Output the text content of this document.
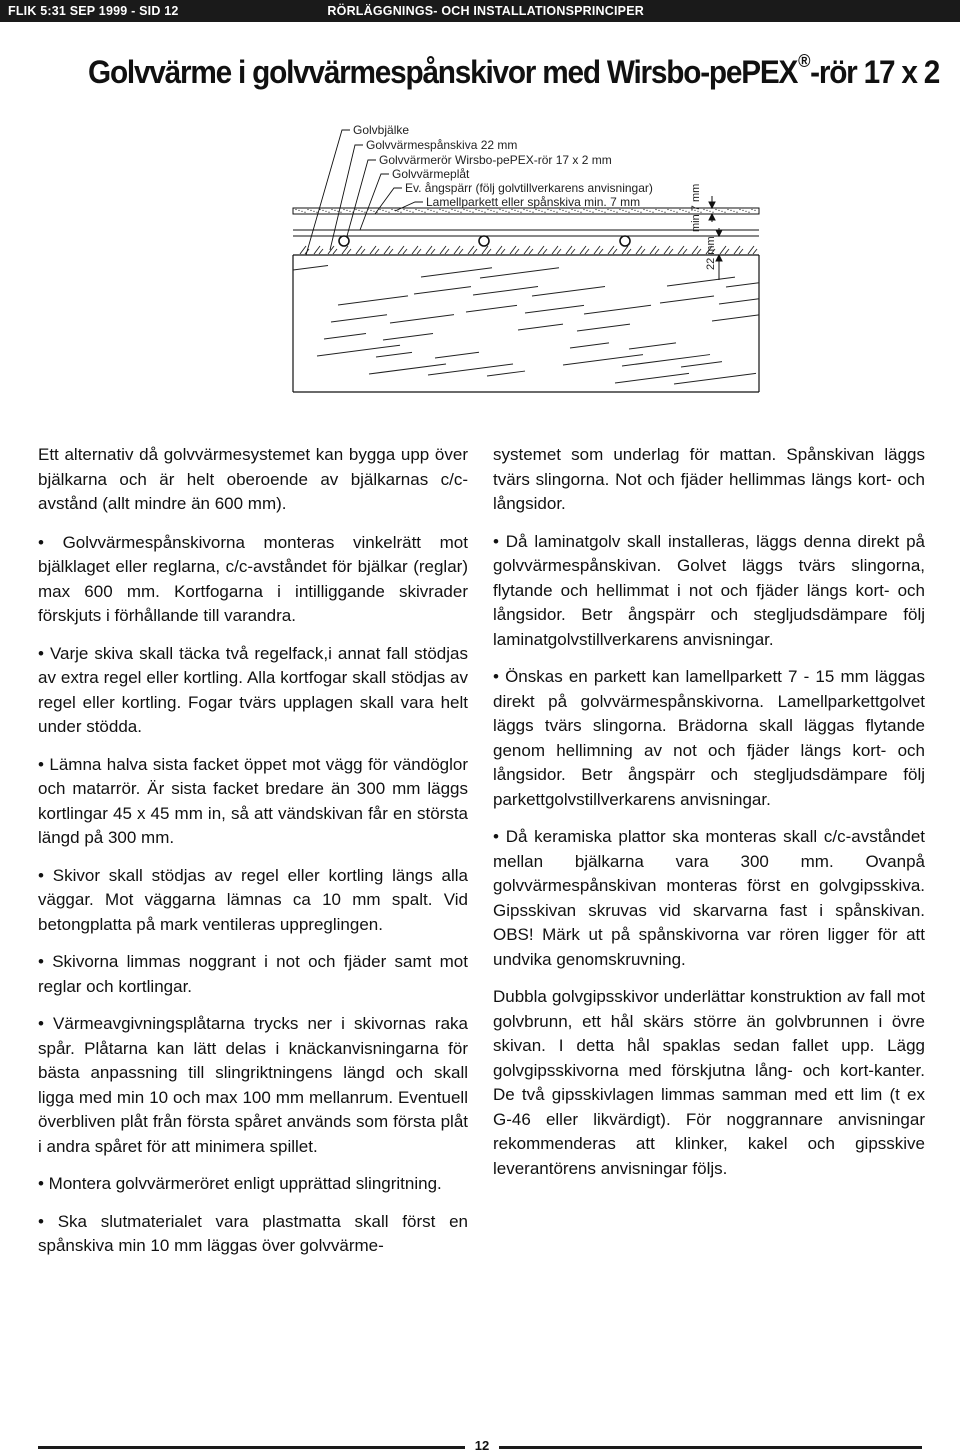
FLIK 5:31 SEP 1999 - SID 12	RÖRLÄGGNINGS- OCH INSTALLATIONSPRINCIPER
Golvvärme i golvvärmespånskivor med Wirsbo-pePEX®-rör 17 x 2
Golvbjälke
Golvvärmespånskiva 22 mm
Golvvärmerör Wirsbo-pePEX-rör 17 x 2 mm
Golvvärmeplåt
Ev. ångspärr (följ golvtillverkarens anvisningar)
Lamellparkett eller spånskiva min. 7 mm	min 7 mm
22 mm

Ett alternativ då golvvärmesystemet kan bygga upp över bjälkarna och är helt oberoende av bjälkarnas c/c-avstånd (allt mindre än 600 mm).

• Golvvärmespånskivorna monteras vinkelrätt mot bjälklaget eller reglarna, c/c-avståndet för bjälkar (reglar) max 600 mm. Kortfogarna i intilliggande skivrader förskjuts i förhållande till varandra.

• Varje skiva skall täcka två regelfack,i annat fall stödjas av extra regel eller kortling. Alla kortfogar skall stödjas av regel eller kortling. Fogar tvärs upplagen skall vara helt under stödda.

• Lämna halva sista facket öppet mot vägg för vändöglor och matarrör. Är sista facket bredare än 300 mm läggs kortlingar 45 x 45 mm in, så att vändskivan får en största längd på 300 mm.

• Skivor skall stödjas av regel eller kortling längs alla väggar. Mot väggarna lämnas ca 10 mm spalt. Vid betongplatta på mark ventileras uppreglingen.

• Skivorna limmas noggrant i not och fjäder samt mot reglar och kortlingar.

• Värmeavgivningsplåtarna trycks ner i skivornas raka spår. Plåtarna kan lätt delas i knäckanvisningarna för bästa anpassning till slingriktningens längd och skall ligga med min 10 och max 100 mm mellanrum. Eventuell överbliven plåt från första spåret används som första plåt i andra spåret för att minimera spillet.

• Montera golvvärmeröret enligt upprättad slingritning.

• Ska slutmaterialet vara plastmatta skall först en spånskiva min 10 mm läggas över golvvärme-

systemet som underlag för mattan. Spånskivan läggs tvärs slingorna. Not och fjäder hellimmas längs kort- och långsidor.

• Då laminatgolv skall installeras, läggs denna direkt på golvvärmespånskivan. Golvet läggs tvärs slingorna, flytande och hellimmat i not och fjäder längs kort- och långsidor. Betr ångspärr och stegljudsdämpare följ laminatgolvstillverkarens anvisningar.

• Önskas en parkett kan lamellparkett 7 - 15 mm läggas direkt på golvvärmespånskivorna. Lamellparkettgolvet läggs tvärs slingorna. Brädorna skall läggas flytande genom hellimning av not och fjäder längs kort- och långsidor. Betr ångspärr och stegljudsdämpare följ parkettgolvstillverkarens anvisningar.

• Då keramiska plattor ska monteras skall c/c-avståndet mellan bjälkarna vara 300 mm. Ovanpå golvvärmespånskivan monteras först en golvgipsskiva. Gipsskivan skruvas vid skarvarna fast i spånskivan. OBS! Märk ut på spånskivorna var rören ligger för att undvika genomskruvning.

Dubbla golvgipsskivor underlättar konstruktion av fall mot golvbrunn, ett hål skärs större än golvbrunnen i övre skivan. I detta hål spaklas sedan fallet upp. Lägg golvgipsskivorna med förskjutna lång- och kort-kanter. De två gipsskivlagen limmas samman med ett lim (t ex G-46 eller likvärdigt). För noggrannare anvisningar rekommenderas att klinker, kakel och gipsskive leverantörens anvisningar följs.

12
